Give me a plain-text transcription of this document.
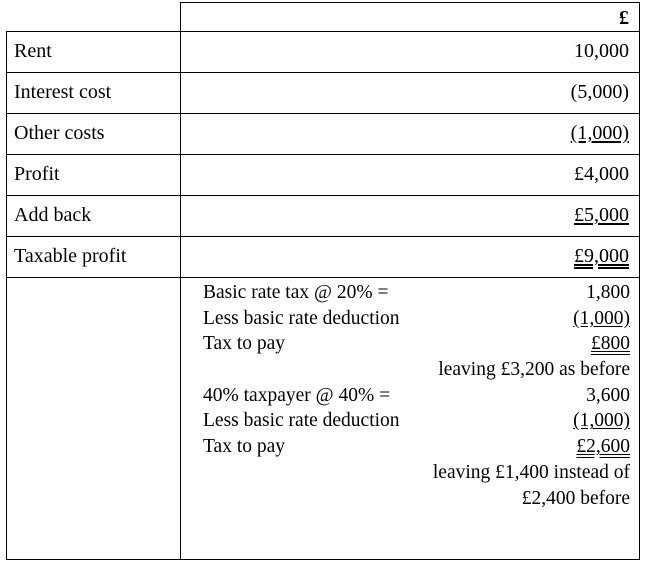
£
Rent	10,000
Interest cost	(5,000)
Other costs	(1,000)
Profit	£4,000
Add back	£5,000
Taxable profit	£9,000
Basic rate tax @ 20% =	1,800
Less basic rate deduction	(1,000)
Tax to pay	£800
leaving £3,200 as before
40% taxpayer @ 40% =	3,600
Less basic rate deduction	(1,000)
Tax to pay	£2,600
leaving £1,400 instead of
£2,400 before
